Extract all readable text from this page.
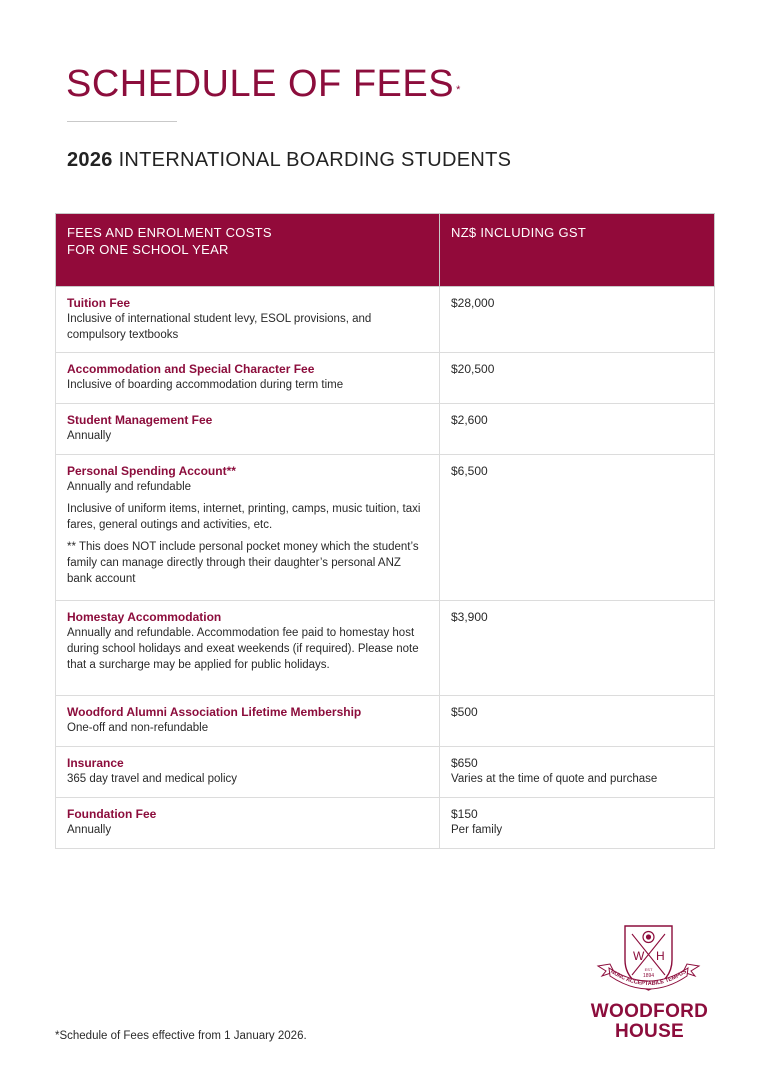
SCHEDULE OF FEES *
2026 INTERNATIONAL BOARDING STUDENTS
FEES AND ENROLMENT COSTS
FOR ONE SCHOOL YEAR	NZ$ INCLUDING GST

Tuition Fee
Inclusive of international student levy, ESOL provisions, and compulsory textbooks	$28,000

Accommodation and Special Character Fee
Inclusive of boarding accommodation during term time	$20,500

Student Management Fee
Annually	$2,600

Personal Spending Account**
Annually and refundable
Inclusive of uniform items, internet, printing, camps, music tuition, taxi fares, general outings and activities, etc.
** This does NOT include personal pocket money which the student’s family can manage directly through their daughter’s personal ANZ bank account	$6,500

Homestay Accommodation
Annually and refundable. Accommodation fee paid to homestay host during school holidays and exeat weekends (if required). Please note that a surcharge may be applied for public holidays.	$3,900

Woodford Alumni Association Lifetime Membership
One-off and non-refundable	$500

Insurance
365 day travel and medical policy	$650
Varies at the time of quote and purchase

Foundation Fee
Annually	$150
Per family
*Schedule of Fees effective from 1 January 2026.
W H
EST
1894
NUNC ACCEPTABILE TEMPUS
WOODFORD
HOUSE
